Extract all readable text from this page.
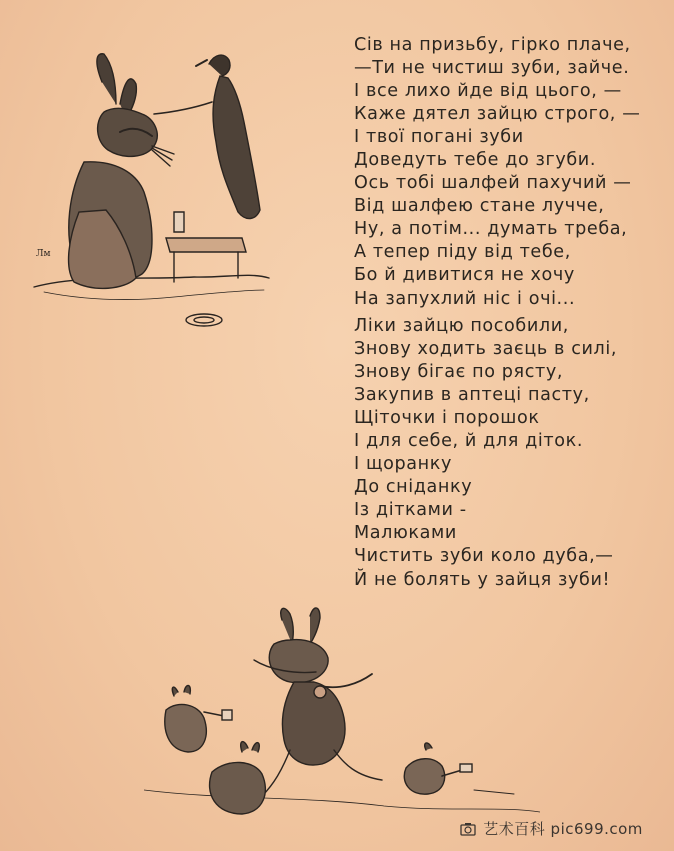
Лм
Сів на призьбу, гірко плаче,
—Ти не чистиш зуби, зайче.
І все лихо йде від цього, —
Каже дятел зайцю строго, —
І твої погані зуби
Доведуть тебе до згуби.
Ось тобі шалфей пахучий —
Від шалфею стане лучче,
Ну, а потім... думать треба,
А тепер піду від тебе,
Бо й дивитися не хочу
На запухлий ніс і очі...
Ліки зайцю пособили,
Знову ходить заєць в силі,
Знову бігає по рясту,
Закупив в аптеці пасту,
Щіточки і порошок
І для себе, й для діток.
І щоранку
До сніданку
Із дітками -
Малюками
Чистить зуби коло дуба,—
Й не болять у зайця зуби!
艺术百科 pic699.com
